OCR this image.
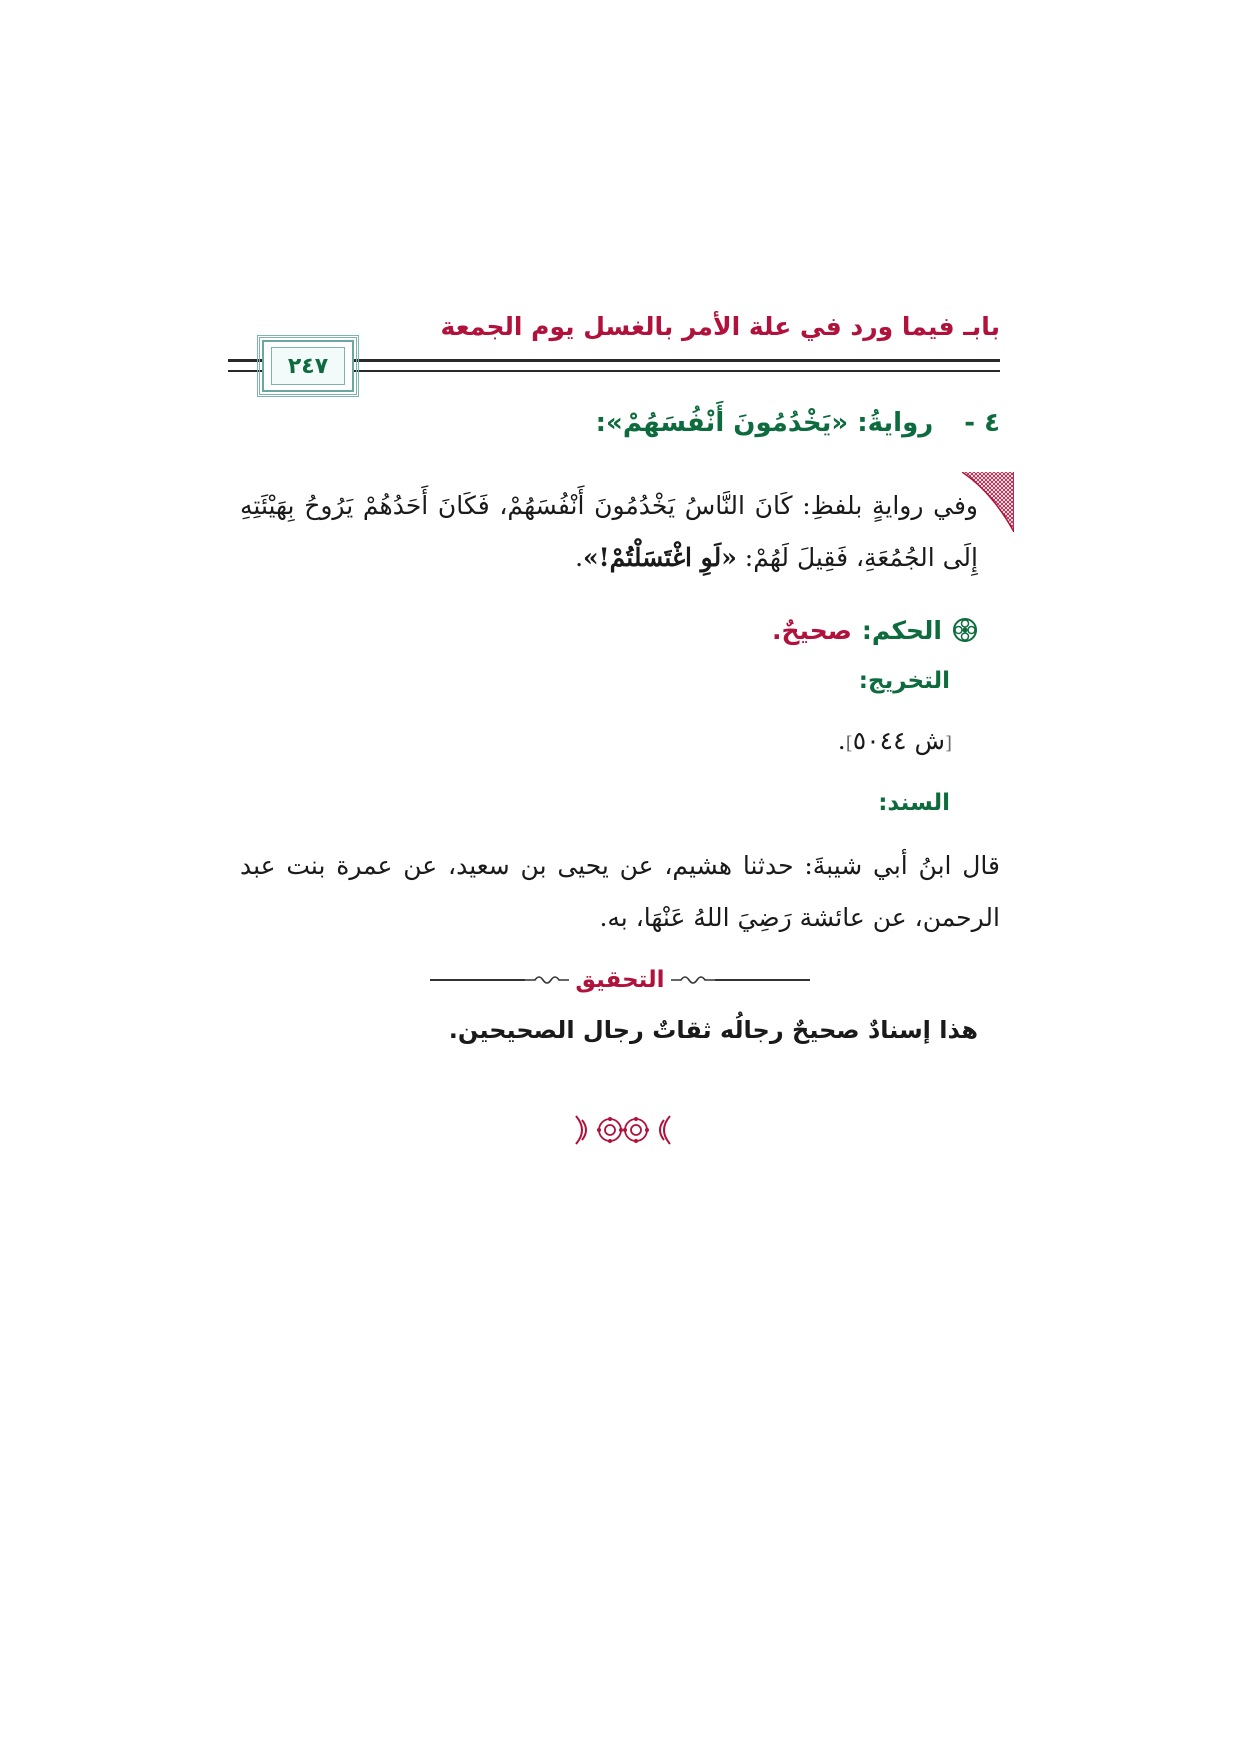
بابـ فيما ورد في علة الأمر بالغسل يوم الجمعة
٢٤٧
٤ - روايةُ: «يَخْدُمُونَ أَنْفُسَهُمْ»:
وفي روايةٍ بلفظِ: كَانَ النَّاسُ يَخْدُمُونَ أَنْفُسَهُمْ، فَكَانَ أَحَدُهُمْ يَرُوحُ بِهَيْئَتِهِ إِلَى الجُمُعَةِ، فَقِيلَ لَهُمْ: «لَوِ اغْتَسَلْتُمْ!».
الحكم:
صحيحٌ.
التخريج:
[ش ٥٠٤٤].
السند:
قال ابنُ أبي شيبةَ: حدثنا هشيم، عن يحيى بن سعيد، عن عمرة بنت عبد الرحمن، عن عائشة رَضِيَ اللهُ عَنْهَا، به.
التحقيق
هذا إسنادٌ صحيحٌ رجالُه ثقاتٌ رجال الصحيحين.
